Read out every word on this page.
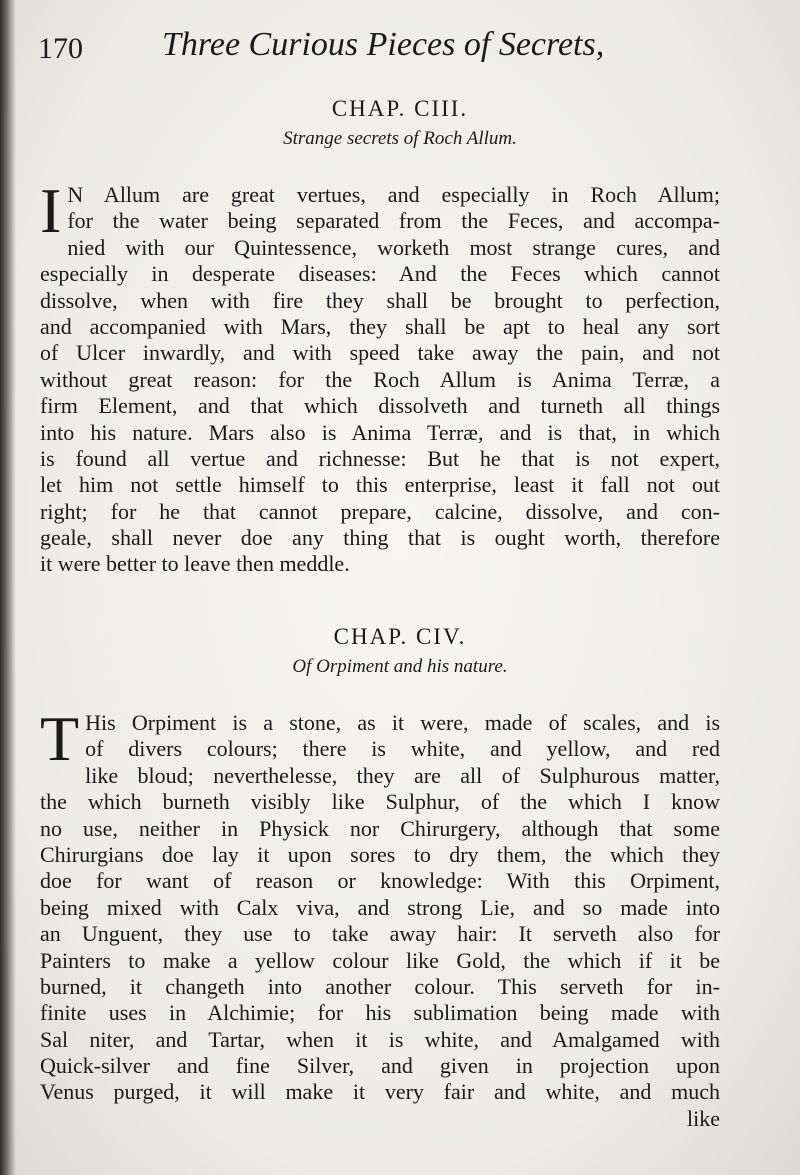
170 Three Curious Pieces of Secrets,
CHAP. CIII.
Strange secrets of Roch Allum.
I N Allum are great vertues, and especially in Roch Allum;
for the water being separated from the Feces, and accompa-
nied with our Quintessence, worketh most strange cures, and
especially in desperate diseases: And the Feces which cannot
dissolve, when with fire they shall be brought to perfection,
and accompanied with Mars, they shall be apt to heal any sort
of Ulcer inwardly, and with speed take away the pain, and not
without great reason: for the Roch Allum is Anima Terræ, a
firm Element, and that which dissolveth and turneth all things
into his nature. Mars also is Anima Terræ, and is that, in which
is found all vertue and richnesse: But he that is not expert,
let him not settle himself to this enterprise, least it fall not out
right; for he that cannot prepare, calcine, dissolve, and con-
geale, shall never doe any thing that is ought worth, therefore
it were better to leave then meddle.
CHAP. CIV.
Of Orpiment and his nature.
T His Orpiment is a stone, as it were, made of scales, and is
of divers colours; there is white, and yellow, and red
like bloud; neverthelesse, they are all of Sulphurous matter,
the which burneth visibly like Sulphur, of the which I know
no use, neither in Physick nor Chirurgery, although that some
Chirurgians doe lay it upon sores to dry them, the which they
doe for want of reason or knowledge: With this Orpiment,
being mixed with Calx viva, and strong Lie, and so made into
an Unguent, they use to take away hair: It serveth also for
Painters to make a yellow colour like Gold, the which if it be
burned, it changeth into another colour. This serveth for in-
finite uses in Alchimie; for his sublimation being made with
Sal niter, and Tartar, when it is white, and Amalgamed with
Quick-silver and fine Silver, and given in projection upon
Venus purged, it will make it very fair and white, and much
like
